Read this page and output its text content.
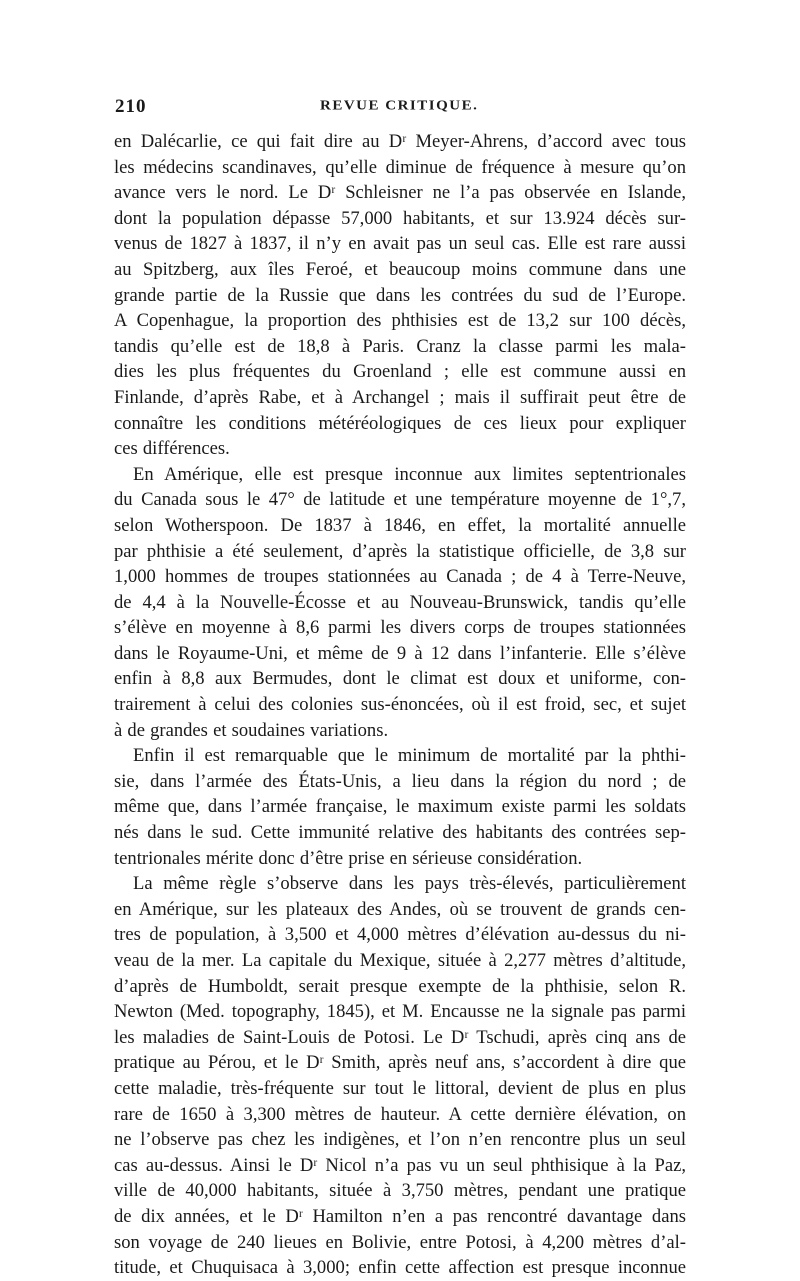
210	REVUE CRITIQUE.
en Dalécarlie, ce qui fait dire au Dʳ Meyer-Ahrens, d’accord avec tous
les médecins scandinaves, qu’elle diminue de fréquence à mesure qu’on
avance vers le nord. Le Dʳ Schleisner ne l’a pas observée en Islande,
dont la population dépasse 57,000 habitants, et sur 13.924 décès sur-
venus de 1827 à 1837, il n’y en avait pas un seul cas. Elle est rare aussi
au Spitzberg, aux îles Feroé, et beaucoup moins commune dans une
grande partie de la Russie que dans les contrées du sud de l’Europe.
A Copenhague, la proportion des phthisies est de 13,2 sur 100 décès,
tandis qu’elle est de 18,8 à Paris. Cranz la classe parmi les mala-
dies les plus fréquentes du Groenland ; elle est commune aussi en
Finlande, d’après Rabe, et à Archangel ; mais il suffirait peut être de
connaître les conditions météréologiques de ces lieux pour expliquer
ces différences.
En Amérique, elle est presque inconnue aux limites septentrionales
du Canada sous le 47° de latitude et une température moyenne de 1°,7,
selon Wotherspoon. De 1837 à 1846, en effet, la mortalité annuelle
par phthisie a été seulement, d’après la statistique officielle, de 3,8 sur
1,000 hommes de troupes stationnées au Canada ; de 4 à Terre-Neuve,
de 4,4 à la Nouvelle-Écosse et au Nouveau-Brunswick, tandis qu’elle
s’élève en moyenne à 8,6 parmi les divers corps de troupes stationnées
dans le Royaume-Uni, et même de 9 à 12 dans l’infanterie. Elle s’élève
enfin à 8,8 aux Bermudes, dont le climat est doux et uniforme, con-
trairement à celui des colonies sus-énoncées, où il est froid, sec, et sujet
à de grandes et soudaines variations.
Enfin il est remarquable que le minimum de mortalité par la phthi-
sie, dans l’armée des États-Unis, a lieu dans la région du nord ; de
même que, dans l’armée française, le maximum existe parmi les soldats
nés dans le sud. Cette immunité relative des habitants des contrées sep-
tentrionales mérite donc d’être prise en sérieuse considération.
La même règle s’observe dans les pays très-élevés, particulièrement
en Amérique, sur les plateaux des Andes, où se trouvent de grands cen-
tres de population, à 3,500 et 4,000 mètres d’élévation au-dessus du ni-
veau de la mer. La capitale du Mexique, située à 2,277 mètres d’altitude,
d’après de Humboldt, serait presque exempte de la phthisie, selon R.
Newton (Med. topography, 1845), et M. Encausse ne la signale pas parmi
les maladies de Saint-Louis de Potosi. Le Dʳ Tschudi, après cinq ans de
pratique au Pérou, et le Dʳ Smith, après neuf ans, s’accordent à dire que
cette maladie, très-fréquente sur tout le littoral, devient de plus en plus
rare de 1650 à 3,300 mètres de hauteur. A cette dernière élévation, on
ne l’observe pas chez les indigènes, et l’on n’en rencontre plus un seul
cas au-dessus. Ainsi le Dʳ Nicol n’a pas vu un seul phthisique à la Paz,
ville de 40,000 habitants, située à 3,750 mètres, pendant une pratique
de dix années, et le Dʳ Hamilton n’en a pas rencontré davantage dans
son voyage de 240 lieues en Bolivie, entre Potosi, à 4,200 mètres d’al-
titude, et Chuquisaca à 3,000; enfin cette affection est presque inconnue
